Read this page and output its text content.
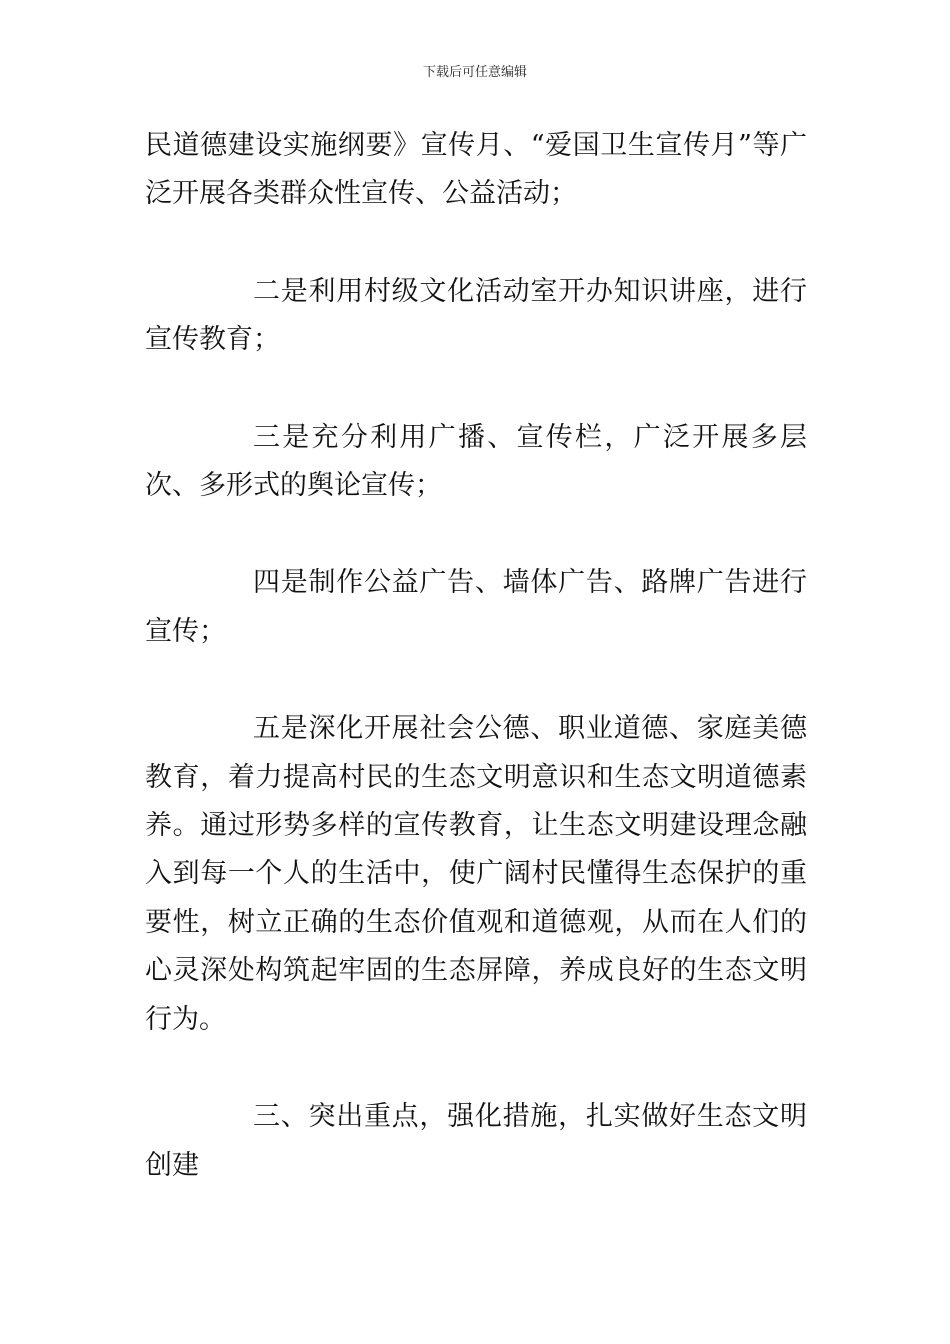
下载后可任意编辑

民道德建设实施纲要》宣传月、“爱国卫生宣传月”等广泛开展各类群众性宣传、公益活动；

二是利用村级文化活动室开办知识讲座，进行宣传教育；

三是充分利用广播、宣传栏，广泛开展多层次、多形式的舆论宣传；

四是制作公益广告、墙体广告、路牌广告进行宣传；

五是深化开展社会公德、职业道德、家庭美德教育，着力提高村民的生态文明意识和生态文明道德素养。通过形势多样的宣传教育，让生态文明建设理念融入到每一个人的生活中，使广阔村民懂得生态保护的重要性，树立正确的生态价值观和道德观，从而在人们的心灵深处构筑起牢固的生态屏障，养成良好的生态文明行为。

三、突出重点，强化措施，扎实做好生态文明创建
